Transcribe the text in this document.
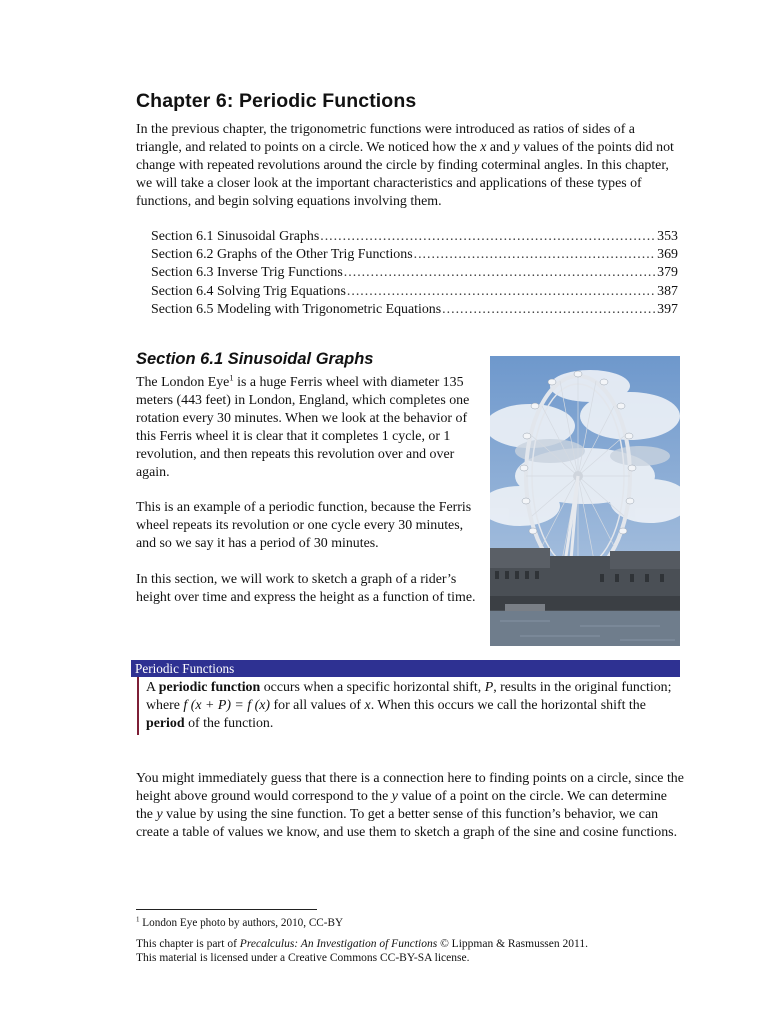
Chapter 6: Periodic Functions

In the previous chapter, the trigonometric functions were introduced as ratios of sides of a triangle, and related to points on a circle. We noticed how the x and y values of the points did not change with repeated revolutions around the circle by finding coterminal angles. In this chapter, we will take a closer look at the important characteristics and applications of these types of functions, and begin solving equations involving them.

Section 6.1 Sinusoidal Graphs .....	353
Section 6.2 Graphs of the Other Trig Functions .....	369
Section 6.3 Inverse Trig Functions .....	379
Section 6.4 Solving Trig Equations .....	387
Section 6.5 Modeling with Trigonometric Equations .....	397
Section 6.1 Sinusoidal Graphs

The London Eye$^1$ is a huge Ferris wheel with diameter 135 meters (443 feet) in London, England, which completes one rotation every 30 minutes. When we look at the behavior of this Ferris wheel it is clear that it completes 1 cycle, or 1 revolution, and then repeats this revolution over and over again.

This is an example of a periodic function, because the Ferris wheel repeats its revolution or one cycle every 30 minutes, and so we say it has a period of 30 minutes.

In this section, we will work to sketch a graph of a rider’s height over time and express the height as a function of time.

Periodic Functions

A periodic function occurs when a specific horizontal shift, P, results in the original function; where f (x + P) = f (x) for all values of x. When this occurs we call the horizontal shift the period of the function.

You might immediately guess that there is a connection here to finding points on a circle, since the height above ground would correspond to the y value of a point on the circle. We can determine the y value by using the sine function. To get a better sense of this function’s behavior, we can create a table of values we know, and use them to sketch a graph of the sine and cosine functions.

$^1$ London Eye photo by authors, 2010, CC-BY
This chapter is part of Precalculus: An Investigation of Functions © Lippman & Rasmussen 2011.
This material is licensed under a Creative Commons CC-BY-SA license.
